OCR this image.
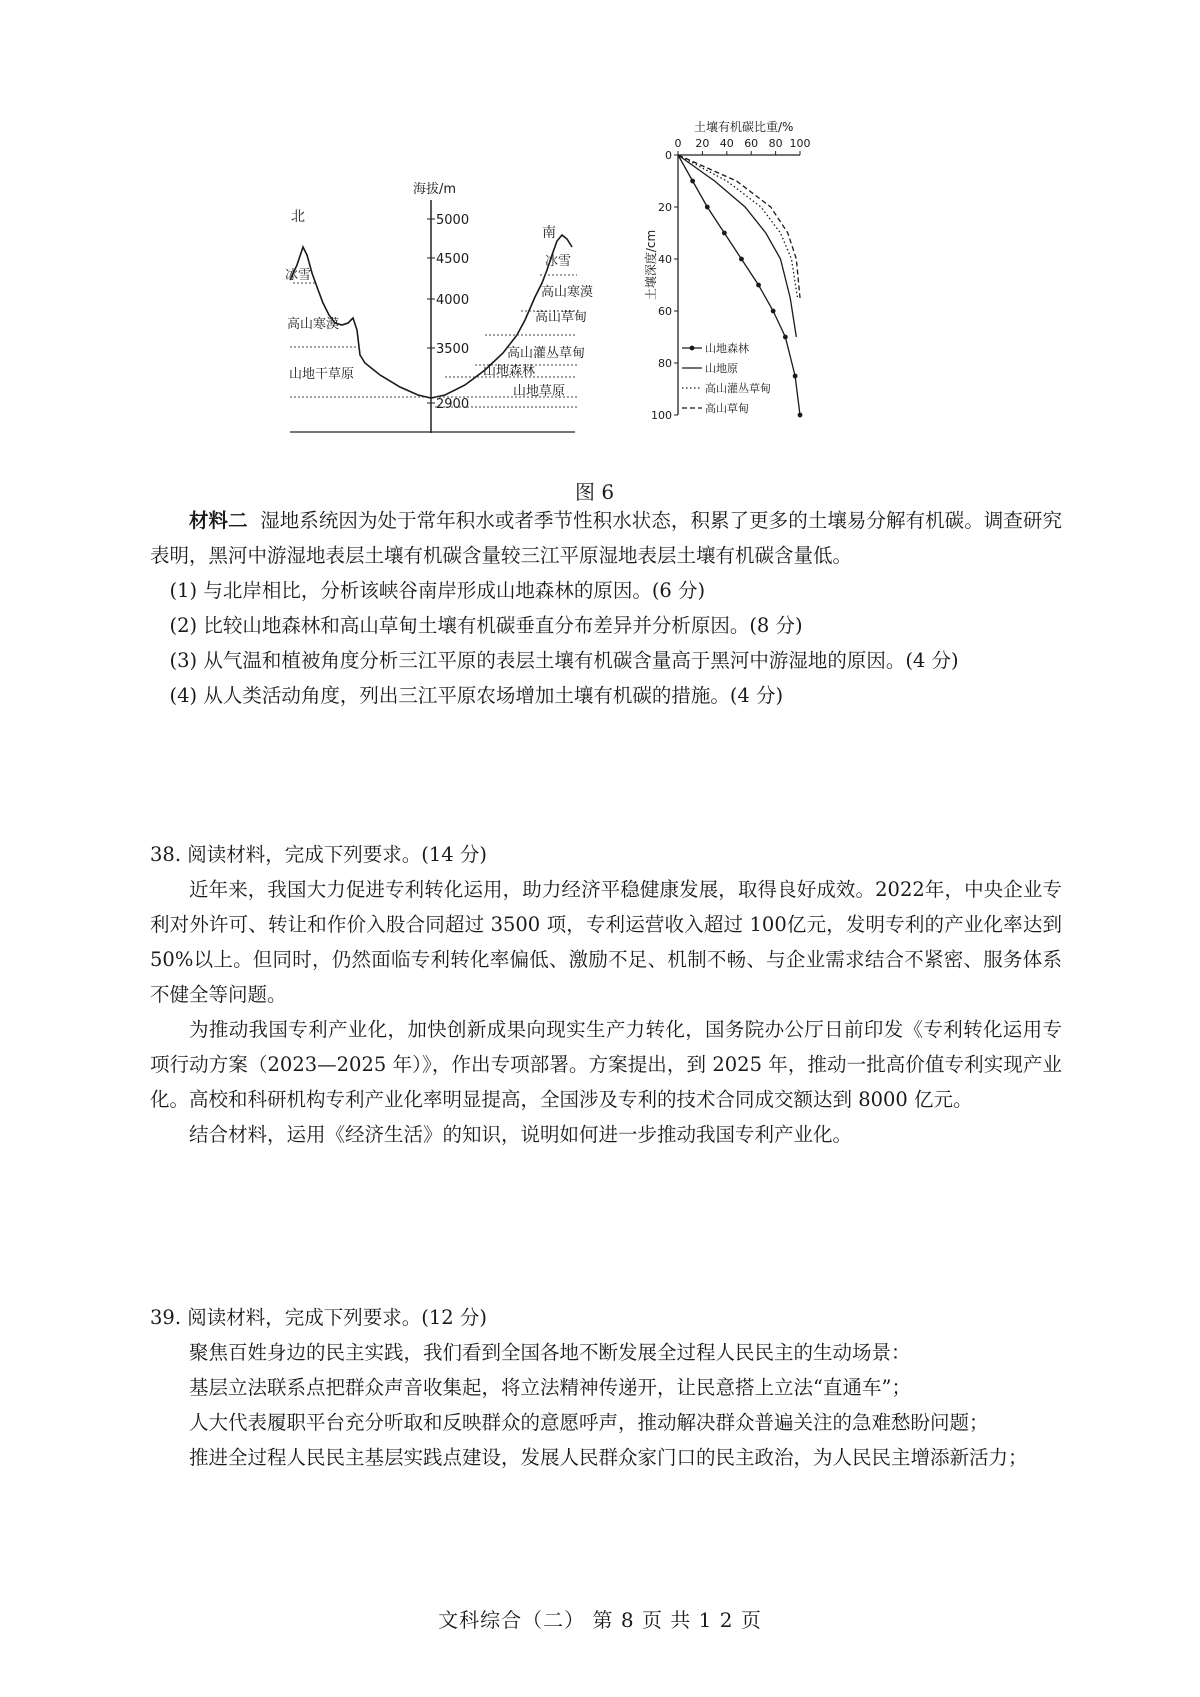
海拔/m
5000
4500
4000
3500
2900
北
南
冰雪
高山寒漠
山地干草原
冰雪
高山寒漠
高山草甸
高山灌丛草甸
山地森林
山地草原
土壤有机碳比重/%
土壤深度/cm
0 20 40 60 80 100
0
20
40
60
80
100
山地森林
山地原
高山灌丛草甸
高山草甸
图 6

材料二 湿地系统因为处于常年积水或者季节性积水状态，积累了更多的土壤易分解有机碳。调查研究表明，黑河中游湿地表层土壤有机碳含量较三江平原湿地表层土壤有机碳含量低。

(1) 与北岸相比，分析该峡谷南岸形成山地森林的原因。(6 分)

(2) 比较山地森林和高山草甸土壤有机碳垂直分布差异并分析原因。(8 分)

(3) 从气温和植被角度分析三江平原的表层土壤有机碳含量高于黑河中游湿地的原因。(4 分)

(4) 从人类活动角度，列出三江平原农场增加土壤有机碳的措施。(4 分)

38. 阅读材料，完成下列要求。(14 分)

近年来，我国大力促进专利转化运用，助力经济平稳健康发展，取得良好成效。2022年，中央企业专利对外许可、转让和作价入股合同超过 3500 项，专利运营收入超过 100亿元，发明专利的产业化率达到 50%以上。但同时，仍然面临专利转化率偏低、激励不足、机制不畅、与企业需求结合不紧密、服务体系不健全等问题。

为推动我国专利产业化，加快创新成果向现实生产力转化，国务院办公厅日前印发《专利转化运用专项行动方案（2023—2025 年）》，作出专项部署。方案提出，到 2025 年，推动一批高价值专利实现产业化。高校和科研机构专利产业化率明显提高，全国涉及专利的技术合同成交额达到 8000 亿元。

结合材料，运用《经济生活》的知识，说明如何进一步推动我国专利产业化。

39. 阅读材料，完成下列要求。(12 分)

聚焦百姓身边的民主实践，我们看到全国各地不断发展全过程人民民主的生动场景：

基层立法联系点把群众声音收集起，将立法精神传递开，让民意搭上立法“直通车”；

人大代表履职平台充分听取和反映群众的意愿呼声，推动解决群众普遍关注的急难愁盼问题；

推进全过程人民民主基层实践点建设，发展人民群众家门口的民主政治，为人民民主增添新活力；

文科综合（二） 第 8 页 共 1 2 页
